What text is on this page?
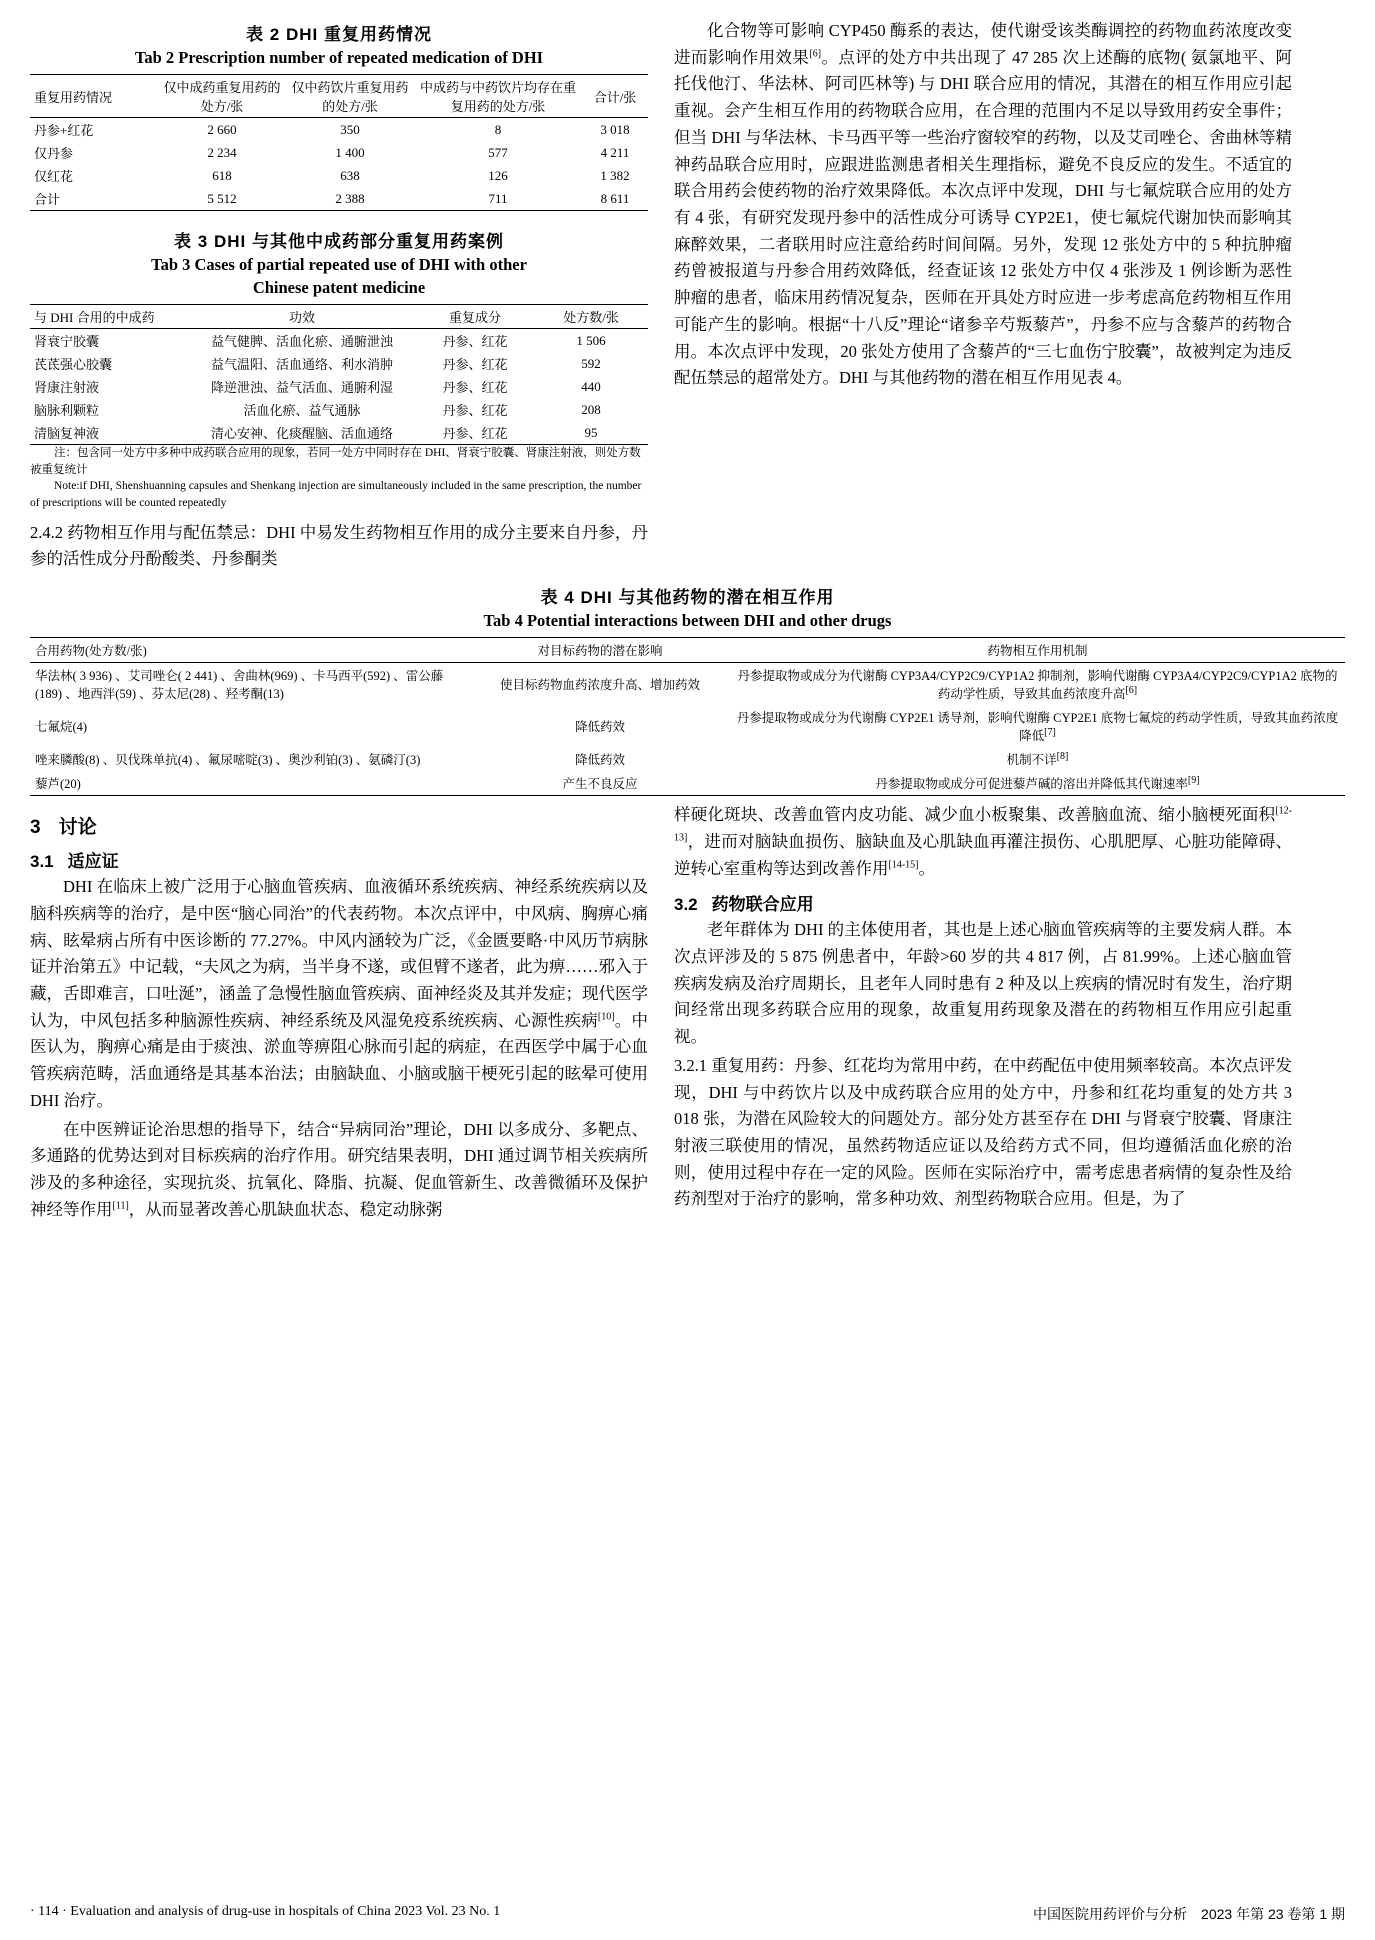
表 2 DHI 重复用药情况
Tab 2 Prescription number of repeated medication of DHI
重复用药情况	仅中成药重复用药的处方/张	仅中药饮片重复用药的处方/张	中成药与中药饮片均存在重复用药的处方/张	合计/张
丹参+红花	2 660	350	8	3 018
仅丹参	2 234	1 400	577	4 211
仅红花	618	638	126	1 382
合计	5 512	2 388	711	8 611
表 3 DHI 与其他中成药部分重复用药案例
Tab 3 Cases of partial repeated use of DHI with other
Chinese patent medicine
与 DHI 合用的中成药	功效	重复成分	处方数/张
肾衰宁胶囊	益气健脾、活血化瘀、通腑泄浊	丹参、红花	1 506
芪茋强心胶囊	益气温阳、活血通络、利水消肿	丹参、红花	592
肾康注射液	降逆泄浊、益气活血、通腑利湿	丹参、红花	440
脑脉利颗粒	活血化瘀、益气通脉	丹参、红花	208
清脑复神液	清心安神、化痰醒脑、活血通络	丹参、红花	95

注：包含同一处方中多种中成药联合应用的现象，若同一处方中同时存在 DHI、肾衰宁胶囊、肾康注射液，则处方数被重复统计

Note:if DHI, Shenshuanning capsules and Shenkang injection are simultaneously included in the same prescription, the number of prescriptions will be counted repeatedly

2.4.2 药物相互作用与配伍禁忌：DHI 中易发生药物相互作用的成分主要来自丹参，丹参的活性成分丹酚酸类、丹参酮类

化合物等可影响 CYP450 酶系的表达，使代谢受该类酶调控的药物血药浓度改变进而影响作用效果[6]。点评的处方中共出现了 47 285 次上述酶的底物( 氨氯地平、阿托伐他汀、华法林、阿司匹林等) 与 DHI 联合应用的情况，其潜在的相互作用应引起重视。会产生相互作用的药物联合应用，在合理的范围内不足以导致用药安全事件；但当 DHI 与华法林、卡马西平等一些治疗窗较窄的药物，以及艾司唑仑、舍曲林等精神药品联合应用时，应跟进监测患者相关生理指标，避免不良反应的发生。不适宜的联合用药会使药物的治疗效果降低。本次点评中发现，DHI 与七氟烷联合应用的处方有 4 张，有研究发现丹参中的活性成分可诱导 CYP2E1，使七氟烷代谢加快而影响其麻醉效果，二者联用时应注意给药时间间隔。另外，发现 12 张处方中的 5 种抗肿瘤药曾被报道与丹参合用药效降低，经查证该 12 张处方中仅 4 张涉及 1 例诊断为恶性肿瘤的患者，临床用药情况复杂，医师在开具处方时应进一步考虑高危药物相互作用可能产生的影响。根据“十八反”理论“诸参辛芍叛藜芦”，丹参不应与含藜芦的药物合用。本次点评中发现，20 张处方使用了含藜芦的“三七血伤宁胶囊”，故被判定为违反配伍禁忌的超常处方。DHI 与其他药物的潜在相互作用见表 4。

表 4 DHI 与其他药物的潜在相互作用
Tab 4 Potential interactions between DHI and other drugs
合用药物(处方数/张)	对目标药物的潜在影响	药物相互作用机制
华法林( 3 936) 、艾司唑仑( 2 441) 、舍曲林(969) 、卡马西平(592) 、雷公藤(189) 、地西泮(59) 、芬太尼(28) 、羟考酮(13)	使目标药物血药浓度升高、增加药效	丹参提取物或成分为代谢酶 CYP3A4/CYP2C9/CYP1A2 抑制剂，影响代谢酶 CYP3A4/CYP2C9/CYP1A2 底物的药动学性质，导致其血药浓度升高[6]
七氟烷(4)	降低药效	丹参提取物或成分为代谢酶 CYP2E1 诱导剂，影响代谢酶 CYP2E1 底物七氟烷的药动学性质，导致其血药浓度降低[7]
唑来膦酸(8) 、贝伐珠单抗(4) 、氟尿嘧啶(3) 、奥沙利铂(3) 、氨磷汀(3)	降低药效	机制不详[8]
藜芦(20)	产生不良反应	丹参提取物或成分可促进藜芦碱的溶出并降低其代谢速率[9]
3 讨论
3.1 适应证

DHI 在临床上被广泛用于心脑血管疾病、血液循环系统疾病、神经系统疾病以及脑科疾病等的治疗，是中医“脑心同治”的代表药物。本次点评中，中风病、胸痹心痛病、眩晕病占所有中医诊断的 77.27%。中风内涵较为广泛，《金匮要略·中风历节病脉证并治第五》中记载，“夫风之为病，当半身不遂，或但臂不遂者，此为痹……邪入于藏，舌即难言，口吐涎”，涵盖了急慢性脑血管疾病、面神经炎及其并发症；现代医学认为，中风包括多种脑源性疾病、神经系统及风湿免疫系统疾病、心源性疾病[10]。中医认为，胸痹心痛是由于痰浊、淤血等痹阻心脉而引起的病症，在西医学中属于心血管疾病范畴，活血通络是其基本治法；由脑缺血、小脑或脑干梗死引起的眩晕可使用 DHI 治疗。

在中医辨证论治思想的指导下，结合“异病同治”理论，DHI 以多成分、多靶点、多通路的优势达到对目标疾病的治疗作用。研究结果表明，DHI 通过调节相关疾病所涉及的多种途径，实现抗炎、抗氧化、降脂、抗凝、促血管新生、改善微循环及保护神经等作用[11]，从而显著改善心肌缺血状态、稳定动脉粥

样硬化斑块、改善血管内皮功能、减少血小板聚集、改善脑血流、缩小脑梗死面积[12-13]，进而对脑缺血损伤、脑缺血及心肌缺血再灌注损伤、心肌肥厚、心脏功能障碍、逆转心室重构等达到改善作用[14-15]。

3.2 药物联合应用

老年群体为 DHI 的主体使用者，其也是上述心脑血管疾病等的主要发病人群。本次点评涉及的 5 875 例患者中，年龄>60 岁的共 4 817 例，占 81.99%。上述心脑血管疾病发病及治疗周期长，且老年人同时患有 2 种及以上疾病的情况时有发生，治疗期间经常出现多药联合应用的现象，故重复用药现象及潜在的药物相互作用应引起重视。

3.2.1 重复用药：丹参、红花均为常用中药，在中药配伍中使用频率较高。本次点评发现，DHI 与中药饮片以及中成药联合应用的处方中，丹参和红花均重复的处方共 3 018 张，为潜在风险较大的问题处方。部分处方甚至存在 DHI 与肾衰宁胶囊、肾康注射液三联使用的情况，虽然药物适应证以及给药方式不同，但均遵循活血化瘀的治则，使用过程中存在一定的风险。医师在实际治疗中，需考虑患者病情的复杂性及给药剂型对于治疗的影响，常多种功效、剂型药物联合应用。但是，为了

· 114 · Evaluation and analysis of drug-use in hospitals of China 2023 Vol. 23 No. 1	中国医院用药评价与分析　2023 年第 23 卷第 1 期
